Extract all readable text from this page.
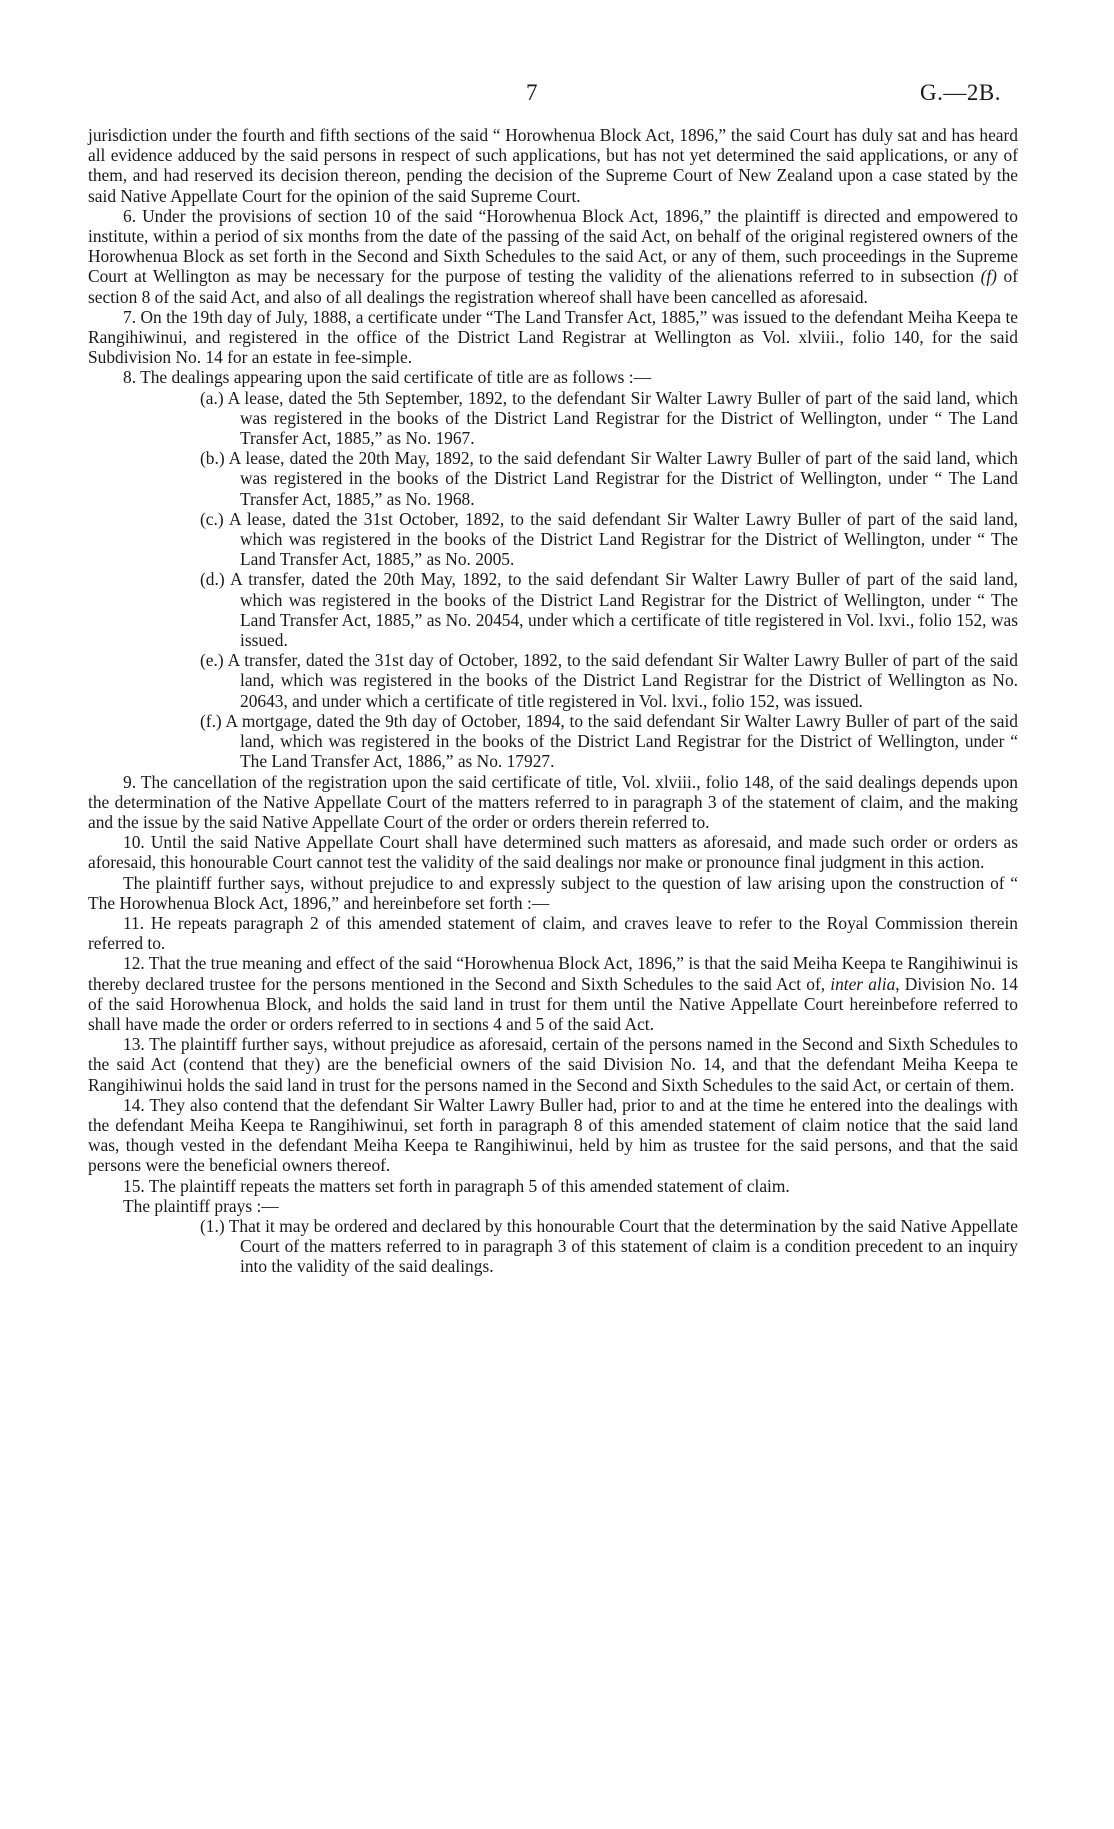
7	G.—2B.

jurisdiction under the fourth and fifth sections of the said “ Horowhenua Block Act, 1896,” the said Court has duly sat and has heard all evidence adduced by the said persons in respect of such applications, but has not yet determined the said applications, or any of them, and had reserved its decision thereon, pending the decision of the Supreme Court of New Zealand upon a case stated by the said Native Appellate Court for the opinion of the said Supreme Court.

6. Under the provisions of section 10 of the said “Horowhenua Block Act, 1896,” the plaintiff is directed and empowered to institute, within a period of six months from the date of the passing of the said Act, on behalf of the original registered owners of the Horowhenua Block as set forth in the Second and Sixth Schedules to the said Act, or any of them, such proceedings in the Supreme Court at Wellington as may be necessary for the purpose of testing the validity of the alienations referred to in subsection (f) of section 8 of the said Act, and also of all dealings the registration whereof shall have been cancelled as aforesaid.

7. On the 19th day of July, 1888, a certificate under “The Land Transfer Act, 1885,” was issued to the defendant Meiha Keepa te Rangihiwinui, and registered in the office of the District Land Registrar at Wellington as Vol. xlviii., folio 140, for the said Subdivision No. 14 for an estate in fee-simple.

8. The dealings appearing upon the said certificate of title are as follows :—

(a.) A lease, dated the 5th September, 1892, to the defendant Sir Walter Lawry Buller of part of the said land, which was registered in the books of the District Land Registrar for the District of Wellington, under “ The Land Transfer Act, 1885,” as No. 1967.

(b.) A lease, dated the 20th May, 1892, to the said defendant Sir Walter Lawry Buller of part of the said land, which was registered in the books of the District Land Registrar for the District of Wellington, under “ The Land Transfer Act, 1885,” as No. 1968.

(c.) A lease, dated the 31st October, 1892, to the said defendant Sir Walter Lawry Buller of part of the said land, which was registered in the books of the District Land Registrar for the District of Wellington, under “ The Land Transfer Act, 1885,” as No. 2005.

(d.) A transfer, dated the 20th May, 1892, to the said defendant Sir Walter Lawry Buller of part of the said land, which was registered in the books of the District Land Registrar for the District of Wellington, under “ The Land Transfer Act, 1885,” as No. 20454, under which a certificate of title registered in Vol. lxvi., folio 152, was issued.

(e.) A transfer, dated the 31st day of October, 1892, to the said defendant Sir Walter Lawry Buller of part of the said land, which was registered in the books of the District Land Registrar for the District of Wellington as No. 20643, and under which a certificate of title registered in Vol. lxvi., folio 152, was issued.

(f.) A mortgage, dated the 9th day of October, 1894, to the said defendant Sir Walter Lawry Buller of part of the said land, which was registered in the books of the District Land Registrar for the District of Wellington, under “ The Land Transfer Act, 1886,” as No. 17927.

9. The cancellation of the registration upon the said certificate of title, Vol. xlviii., folio 148, of the said dealings depends upon the determination of the Native Appellate Court of the matters referred to in paragraph 3 of the statement of claim, and the making and the issue by the said Native Appellate Court of the order or orders therein referred to.

10. Until the said Native Appellate Court shall have determined such matters as aforesaid, and made such order or orders as aforesaid, this honourable Court cannot test the validity of the said dealings nor make or pronounce final judgment in this action.

The plaintiff further says, without prejudice to and expressly subject to the question of law arising upon the construction of “ The Horowhenua Block Act, 1896,” and hereinbefore set forth :—

11. He repeats paragraph 2 of this amended statement of claim, and craves leave to refer to the Royal Commission therein referred to.

12. That the true meaning and effect of the said “Horowhenua Block Act, 1896,” is that the said Meiha Keepa te Rangihiwinui is thereby declared trustee for the persons mentioned in the Second and Sixth Schedules to the said Act of, inter alia, Division No. 14 of the said Horowhenua Block, and holds the said land in trust for them until the Native Appellate Court hereinbefore referred to shall have made the order or orders referred to in sections 4 and 5 of the said Act.

13. The plaintiff further says, without prejudice as aforesaid, certain of the persons named in the Second and Sixth Schedules to the said Act (contend that they) are the beneficial owners of the said Division No. 14, and that the defendant Meiha Keepa te Rangihiwinui holds the said land in trust for the persons named in the Second and Sixth Schedules to the said Act, or certain of them.

14. They also contend that the defendant Sir Walter Lawry Buller had, prior to and at the time he entered into the dealings with the defendant Meiha Keepa te Rangihiwinui, set forth in paragraph 8 of this amended statement of claim notice that the said land was, though vested in the defendant Meiha Keepa te Rangihiwinui, held by him as trustee for the said persons, and that the said persons were the beneficial owners thereof.

15. The plaintiff repeats the matters set forth in paragraph 5 of this amended statement of claim.

The plaintiff prays :—

(1.) That it may be ordered and declared by this honourable Court that the determination by the said Native Appellate Court of the matters referred to in paragraph 3 of this statement of claim is a condition precedent to an inquiry into the validity of the said dealings.
